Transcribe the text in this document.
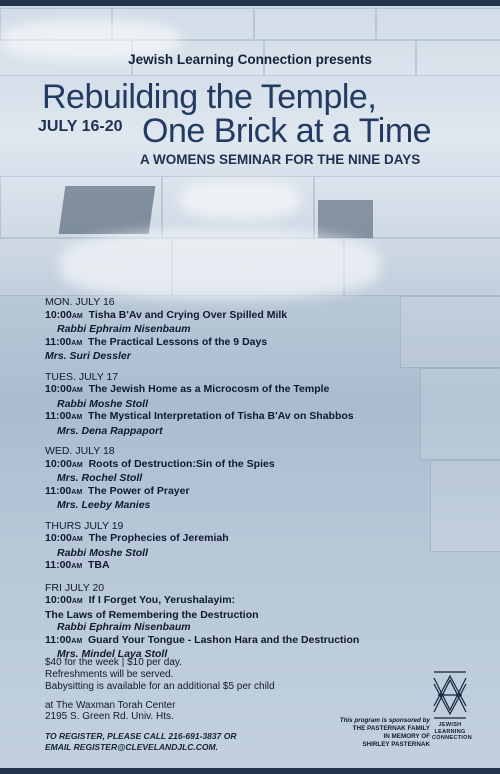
Jewish Learning Connection presents
Rebuilding the Temple,
JULY 16-20 One Brick at a Time
A WOMENS SEMINAR FOR THE NINE DAYS
MON. JULY 16
10:00AM Tisha B'Av and Crying Over Spilled Milk
Rabbi Ephraim Nisenbaum
11:00AM The Practical Lessons of the 9 Days
Mrs. Suri Dessler
TUES. JULY 17
10:00AM The Jewish Home as a Microcosm of the Temple
Rabbi Moshe Stoll
11:00AM The Mystical Interpretation of Tisha B'Av on Shabbos
Mrs. Dena Rappaport
WED. JULY 18
10:00AM Roots of Destruction:Sin of the Spies
Mrs. Rochel Stoll
11:00AM The Power of Prayer
Mrs. Leeby Manies
THURS JULY 19
10:00AM The Prophecies of Jeremiah
Rabbi Moshe Stoll
11:00AM TBA
FRI JULY 20
10:00AM If I Forget You, Yerushalayim:
The Laws of Remembering the Destruction
Rabbi Ephraim Nisenbaum
11:00AM Guard Your Tongue - Lashon Hara and the Destruction
Mrs. Mindel Laya Stoll
$40 for the week | $10 per day.
Refreshments will be served.
Babysitting is available for an additional $5 per child
at The Waxman Torah Center
2195 S. Green Rd. Univ. Hts.
TO REGISTER, PLEASE CALL 216-691-3837 OR
EMAIL REGISTER@CLEVELANDJLC.COM.
This program is sponsored by
THE PASTERNAK FAMILY
IN MEMORY OF
SHIRLEY PASTERNAK
JEWISH
LEARNING
CONNECTION
